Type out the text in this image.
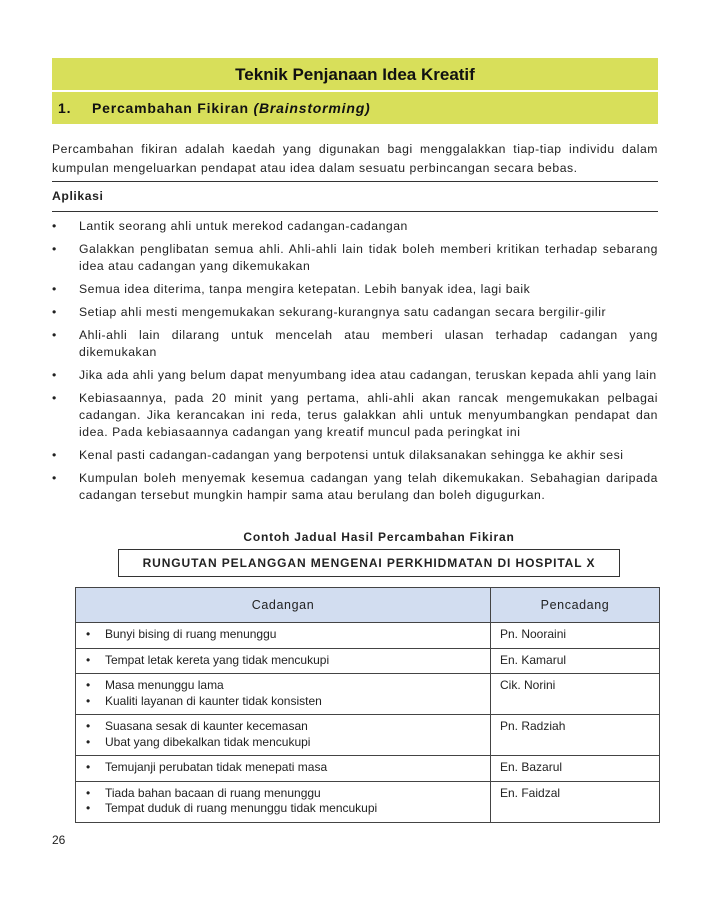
Teknik Penjanaan Idea Kreatif
1. Percambahan Fikiran (Brainstorming)
Percambahan fikiran adalah kaedah yang digunakan bagi menggalakkan tiap-tiap individu dalam kumpulan mengeluarkan pendapat atau idea dalam sesuatu perbincangan secara bebas.
Aplikasi
• Lantik seorang ahli untuk merekod cadangan-cadangan
• Galakkan penglibatan semua ahli. Ahli-ahli lain tidak boleh memberi kritikan terhadap sebarang idea atau cadangan yang dikemukakan
• Semua idea diterima, tanpa mengira ketepatan. Lebih banyak idea, lagi baik
• Setiap ahli mesti mengemukakan sekurang-kurangnya satu cadangan secara bergilir-gilir
• Ahli-ahli lain dilarang untuk mencelah atau memberi ulasan terhadap cadangan yang dikemukakan
• Jika ada ahli yang belum dapat menyumbang idea atau cadangan, teruskan kepada ahli yang lain
• Kebiasaannya, pada 20 minit yang pertama, ahli-ahli akan rancak mengemukakan pelbagai cadangan. Jika kerancakan ini reda, terus galakkan ahli untuk menyumbangkan pendapat dan idea. Pada kebiasaannya cadangan yang kreatif muncul pada peringkat ini
• Kenal pasti cadangan-cadangan yang berpotensi untuk dilaksanakan sehingga ke akhir sesi
• Kumpulan boleh menyemak kesemua cadangan yang telah dikemukakan. Sebahagian daripada cadangan tersebut mungkin hampir sama atau berulang dan boleh digugurkan.
Contoh Jadual Hasil Percambahan Fikiran
RUNGUTAN PELANGGAN MENGENAI PERKHIDMATAN DI HOSPITAL X
Cadangan	Pencadang

• Bunyi bising di ruang menunggu	Pn. Nooraini

• Tempat letak kereta yang tidak mencukupi	En. Kamarul

• Masa menunggu lama
• Kualiti layanan di kaunter tidak konsisten	Cik. Norini

• Suasana sesak di kaunter kecemasan
• Ubat yang dibekalkan tidak mencukupi	Pn. Radziah

• Temujanji perubatan tidak menepati masa	En. Bazarul

• Tiada bahan bacaan di ruang menunggu
• Tempat duduk di ruang menunggu tidak mencukupi	En. Faidzal
26
